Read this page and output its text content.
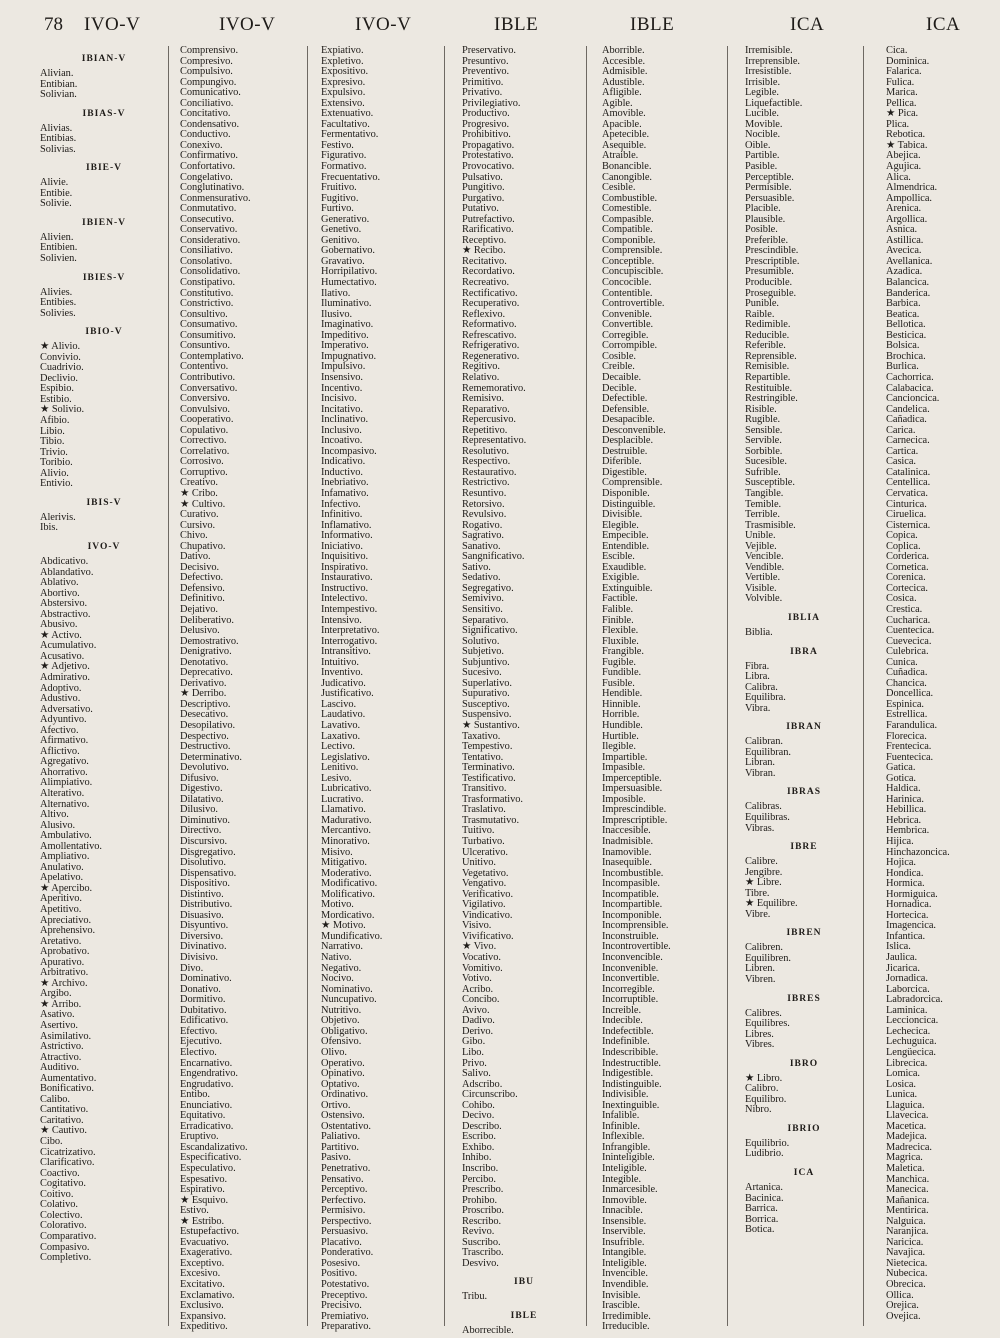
78 IVO-V	IVO-V	IVO-V	IBLE	IBLE	ICA	ICA
IBIAN-V
Alivian.
Entibian.
Solivian.
IBIAS-V
Alivias.
Entibias.
Solivias.
IBIE-V
Alivie.
Entibie.
Solivie.
IBIEN-V
Alivien.
Entibien.
Solivien.
IBIES-V
Alivies.
Entibies.
Solivies.
IBIO-V
★ Alivio.
Convivio.
Cuadrivio.
Declivio.
Espibio.
Estibio.
★ Solivio.
Afibio.
Libio.
Tibio.
Trivio.
Toribio.
Alivio.
Entivio.
IBIS-V
Alerivis.
Ibis.
IVO-V
Abdicativo.
Ablandativo.
Ablativo.
Abortivo.
Abstersivo.
Abstractivo.
Abusivo.
★ Activo.
Acumulativo.
Acusativo.
★ Adjetivo.
Admirativo.
Adoptivo.
Adustivo.
Adversativo.
Adyuntivo.
Afectivo.
Afirmativo.
Aflictivo.
Agregativo.
Ahorrativo.
Alimpiativo.
Alterativo.
Alternativo.
Altivo.
Alusivo.
Ambulativo.
Amollentativo.
Ampliativo.
Anulativo.
Apelativo.
★ Apercibo.
Aperitivo.
Apetitivo.
Apreciativo.
Aprehensivo.
Aretativo.
Aprobativo.
Apurativo.
Arbitrativo.
★ Archivo.
Argibo.
★ Arribo.
Asativo.
Asertivo.
Asimilativo.
Astrictivo.
Atractivo.
Auditivo.
Aumentativo.
Bonificativo.
Calibo.
Cantitativo.
Caritativo.
★ Cautivo.
Cibo.
Cicatrizativo.
Clarificativo.
Coactivo.
Cogitativo.
Coitivo.
Colativo.
Colectivo.
Colorativo.
Comparativo.
Compasivo.
Completivo.
Comprensivo.
Compresivo.
Compulsivo.
Compungivo.
Comunicativo.
Conciliativo.
Concitativo.
Condensativo.
Conductivo.
Conexivo.
Confirmativo.
Confortativo.
Congelativo.
Conglutinativo.
Conmensurativo.
Conmutativo.
Consecutivo.
Conservativo.
Considerativo.
Consiliativo.
Consolativo.
Consolidativo.
Constipativo.
Constitutivo.
Constrictivo.
Consultivo.
Consumativo.
Consumitivo.
Consuntivo.
Contemplativo.
Contentivo.
Contributivo.
Conversativo.
Conversivo.
Convulsivo.
Cooperativo.
Copulativo.
Correctivo.
Correlativo.
Corrosivo.
Corruptivo.
Creativo.
★ Cribo.
★ Cultivo.
Curativo.
Cursivo.
Chivo.
Chupativo.
Dativo.
Decisivo.
Defectivo.
Defensivo.
Definitivo.
Dejativo.
Deliberativo.
Delusivo.
Demostrativo.
Denigrativo.
Denotativo.
Deprecativo.
Derivativo.
★ Derribo.
Descriptivo.
Desecativo.
Desopilativo.
Despectivo.
Destructivo.
Determinativo.
Devolutivo.
Difusivo.
Digestivo.
Dilatativo.
Dilusivo.
Diminutivo.
Directivo.
Discursivo.
Disgregativo.
Disolutivo.
Dispensativo.
Dispositivo.
Distintivo.
Distributivo.
Disuasivo.
Disyuntivo.
Diversivo.
Divinativo.
Divisivo.
Divo.
Dominativo.
Donativo.
Dormitivo.
Dubitativo.
Edificativo.
Efectivo.
Ejecutivo.
Electivo.
Encarnativo.
Engendrativo.
Engrudativo.
Entibo.
Enunciativo.
Equitativo.
Erradicativo.
Eruptivo.
Escandalizativo.
Especificativo.
Especulativo.
Espesativo.
Espirativo.
★ Esquivo.
Estivo.
★ Estribo.
Estupefactivo.
Evacuativo.
Exagerativo.
Exceptivo.
Excesivo.
Excitativo.
Exclamativo.
Exclusivo.
Expansivo.
Expeditivo.
Expiativo.
Expletivo.
Expositivo.
Expresivo.
Expulsivo.
Extensivo.
Extenuativo.
Facultativo.
Fermentativo.
Festivo.
Figurativo.
Formativo.
Frecuentativo.
Fruitivo.
Fugitivo.
Furtivo.
Generativo.
Genetivo.
Genitivo.
Gobernativo.
Gravativo.
Horripilativo.
Humectativo.
Ilativo.
Iluminativo.
Ilusivo.
Imaginativo.
Impeditivo.
Imperativo.
Impugnativo.
Impulsivo.
Insensivo.
Incentivo.
Incisivo.
Incitativo.
Inclinativo.
Inclusivo.
Incoativo.
Incompasivo.
Indicativo.
Inductivo.
Inebriativo.
Infamativo.
Infectivo.
Infinitivo.
Inflamativo.
Informativo.
Iniciativo.
Inquisitivo.
Inspirativo.
Instaurativo.
Instructivo.
Intelectivo.
Intempestivo.
Intensivo.
Interpretativo.
Interrogativo.
Intransitivo.
Intuitivo.
Inventivo.
Judicativo.
Justificativo.
Lascivo.
Laudativo.
Lavativo.
Laxativo.
Lectivo.
Legislativo.
Lenitivo.
Lesivo.
Lubricativo.
Lucrativo.
Llamativo.
Madurativo.
Mercantivo.
Minorativo.
Misivo.
Mitigativo.
Moderativo.
Modificativo.
Molificativo.
Motivo.
Mordicativo.
★ Motivo.
Mundificativo.
Narrativo.
Nativo.
Negativo.
Nocivo.
Nominativo.
Nuncupativo.
Nutritivo.
Objetivo.
Obligativo.
Ofensivo.
Olivo.
Operativo.
Opinativo.
Optativo.
Ordinativo.
Ortivo.
Ostensivo.
Ostentativo.
Paliativo.
Partitivo.
Pasivo.
Penetrativo.
Pensativo.
Perceptivo.
Perfectivo.
Permisivo.
Perspectivo.
Persuasivo.
Placativo.
Ponderativo.
Posesivo.
Positivo.
Potestativo.
Preceptivo.
Precisivo.
Premiativo.
Preparativo.
Preservativo.
Presuntivo.
Preventivo.
Primitivo.
Privativo.
Privilegiativo.
Productivo.
Progresivo.
Prohibitivo.
Propagativo.
Protestativo.
Provocativo.
Pulsativo.
Pungitivo.
Purgativo.
Putativo.
Putrefactivo.
Rarificativo.
Receptivo.
★ Recibo.
Recitativo.
Recordativo.
Recreativo.
Rectificativo.
Recuperativo.
Reflexivo.
Reformativo.
Refrescativo.
Refrigerativo.
Regenerativo.
Regitivo.
Relativo.
Rememorativo.
Remisivo.
Reparativo.
Repercusivo.
Repetitivo.
Representativo.
Resolutivo.
Respectivo.
Restaurativo.
Restrictivo.
Resuntivo.
Retorsivo.
Revulsivo.
Rogativo.
Sagrativo.
Sanativo.
Sangnificativo.
Sativo.
Sedativo.
Segregativo.
Semivivo.
Sensitivo.
Separativo.
Significativo.
Solutivo.
Subjetivo.
Subjuntivo.
Sucesivo.
Superlativo.
Supurativo.
Susceptivo.
Suspensivo.
★ Sustantivo.
Taxativo.
Tempestivo.
Tentativo.
Terminativo.
Testificativo.
Transitivo.
Trasformativo.
Traslativo.
Trasmutativo.
Tuitivo.
Turbativo.
Ulcerativo.
Unitivo.
Vegetativo.
Vengativo.
Verificativo.
Vigilativo.
Vindicativo.
Visivo.
Vivificativo.
★ Vivo.
Vocativo.
Vomitivo.
Votivo.
Acribo.
Concibo.
Avivo.
Dadivo.
Derivo.
Gibo.
Libo.
Privo.
Salivo.
Adscribo.
Circunscribo.
Cohibo.
Decivo.
Describo.
Escribo.
Exhibo.
Inhibo.
Inscribo.
Percibo.
Prescribo.
Prohibo.
Proscribo.
Rescribo.
Revivo.
Suscribo.
Trascribo.
Desvivo.
IBU
Tribu.
IBLE
Aborrecible.
Aborrible.
Accesible.
Admisible.
Adustible.
Afligible.
Agible.
Amovible.
Apacible.
Apetecible.
Asequible.
Atraible.
Bonancible.
Canongible.
Cesible.
Combustible.
Comestible.
Compasible.
Compatible.
Componible.
Comprensible.
Conceptible.
Concupiscible.
Concocible.
Contentible.
Controvertible.
Convenible.
Convertible.
Corregible.
Corrompible.
Cosible.
Creible.
Decaible.
Decible.
Defectible.
Defensible.
Desapacible.
Desconvenible.
Desplacible.
Destruible.
Diferible.
Digestible.
Comprensible.
Disponible.
Distinguible.
Divisible.
Elegible.
Empecible.
Entendible.
Escible.
Exaudible.
Exigible.
Extinguible.
Factible.
Falible.
Finible.
Flexible.
Fluxible.
Frangible.
Fugible.
Fundible.
Fusible.
Hendible.
Hinnible.
Horrible.
Hundible.
Hurtible.
Ilegible.
Impartible.
Impasible.
Imperceptible.
Impersuasible.
Imposible.
Imprescindible.
Imprescriptible.
Inaccesible.
Inadmisible.
Inamovible.
Inasequible.
Incombustible.
Incompasible.
Incompatible.
Incompartible.
Incomponible.
Incomprensible.
Inconstruible.
Incontrovertible.
Inconvencible.
Inconvenible.
Inconvertible.
Incorregible.
Incorruptible.
Increible.
Indecible.
Indefectible.
Indefinible.
Indescribible.
Indestructible.
Indigestible.
Indistinguible.
Indivisible.
Inextinguible.
Infalible.
Infinible.
Inflexible.
Infrangible.
Ininteligible.
Inteligible.
Integible.
Inmarcesible.
Inmovible.
Innacible.
Insensible.
Inservible.
Insufrible.
Intangible.
Inteligible.
Invencible.
Invendible.
Invisible.
Irascible.
Irredimible.
Irreducible.
Irremisible.
Irreprensible.
Irresistible.
Irrisible.
Legible.
Liquefactible.
Lucible.
Movible.
Nocible.
Oible.
Partible.
Pasible.
Perceptible.
Permisible.
Persuasible.
Placible.
Plausible.
Posible.
Preferible.
Prescindible.
Prescriptible.
Presumible.
Producible.
Proseguible.
Punible.
Raible.
Redimible.
Reducible.
Referible.
Reprensible.
Remisible.
Repartible.
Restituible.
Restringible.
Risible.
Rugible.
Sensible.
Servible.
Sorbible.
Sucesible.
Sufrible.
Susceptible.
Tangible.
Temible.
Terrible.
Trasmisible.
Unible.
Vejible.
Vencible.
Vendible.
Vertible.
Visible.
Volvible.
IBLIA
Biblia.
IBRA
Fibra.
Libra.
Calibra.
Equilibra.
Vibra.
IBRAN
Calibran.
Equilibran.
Libran.
Vibran.
IBRAS
Calibras.
Equilibras.
Vibras.
IBRE
Calibre.
Jengibre.
★ Libre.
Tibre.
★ Equilibre.
Vibre.
IBREN
Calibren.
Equilibren.
Libren.
Vibren.
IBRES
Calibres.
Equilibres.
Libres.
Vibres.
IBRO
★ Libro.
Calibro.
Equilibro.
Nibro.
IBRIO
Equilibrio.
Ludibrio.
ICA
Artanica.
Bacinica.
Barrica.
Borrica.
Botica.
Cica.
Dominica.
Falarica.
Fulica.
Marica.
Pellica.
★ Pica.
Plica.
Rebotica.
★ Tabica.
Abejica.
Agujica.
Alica.
Almendrica.
Ampollica.
Arenica.
Argollica.
Asnica.
Astillica.
Avecica.
Avellanica.
Azadica.
Balancica.
Banderica.
Barbica.
Beatica.
Bellotica.
Besticica.
Bolsica.
Brochica.
Burlica.
Cachorrica.
Calabacica.
Cancioncica.
Candelica.
Cañadica.
Carica.
Carnecica.
Cartica.
Casica.
Catalinica.
Centellica.
Cervatica.
Cinturica.
Ciruelica.
Cisternica.
Copica.
Coplica.
Corderica.
Cornetica.
Corenica.
Cortecica.
Cosica.
Crestica.
Cucharica.
Cuentecica.
Cuevecica.
Culebrica.
Cunica.
Cuñadica.
Chancica.
Doncellica.
Espinica.
Estrellica.
Farandulica.
Florecica.
Frentecica.
Fuentecica.
Gatica.
Gotica.
Haldica.
Harinica.
Hebillica.
Hebrica.
Hembrica.
Hijica.
Hinchazoncica.
Hojica.
Hondica.
Hormica.
Hormiguica.
Hornadica.
Hortecica.
Imagencica.
Infantica.
Islica.
Jaulica.
Jicarica.
Jornadica.
Laborcica.
Labradorcica.
Laminica.
Leccioncica.
Lechecica.
Lechuguica.
Lengüecica.
Librecica.
Lomica.
Losica.
Lunica.
Llaguica.
Llavecica.
Macetica.
Madejica.
Madrecica.
Magrica.
Maletica.
Manchica.
Manecica.
Mañanica.
Mentirica.
Nalguica.
Naranjica.
Naricica.
Navajica.
Nietecica.
Nubecica.
Obrecica.
Ollica.
Orejica.
Ovejica.
